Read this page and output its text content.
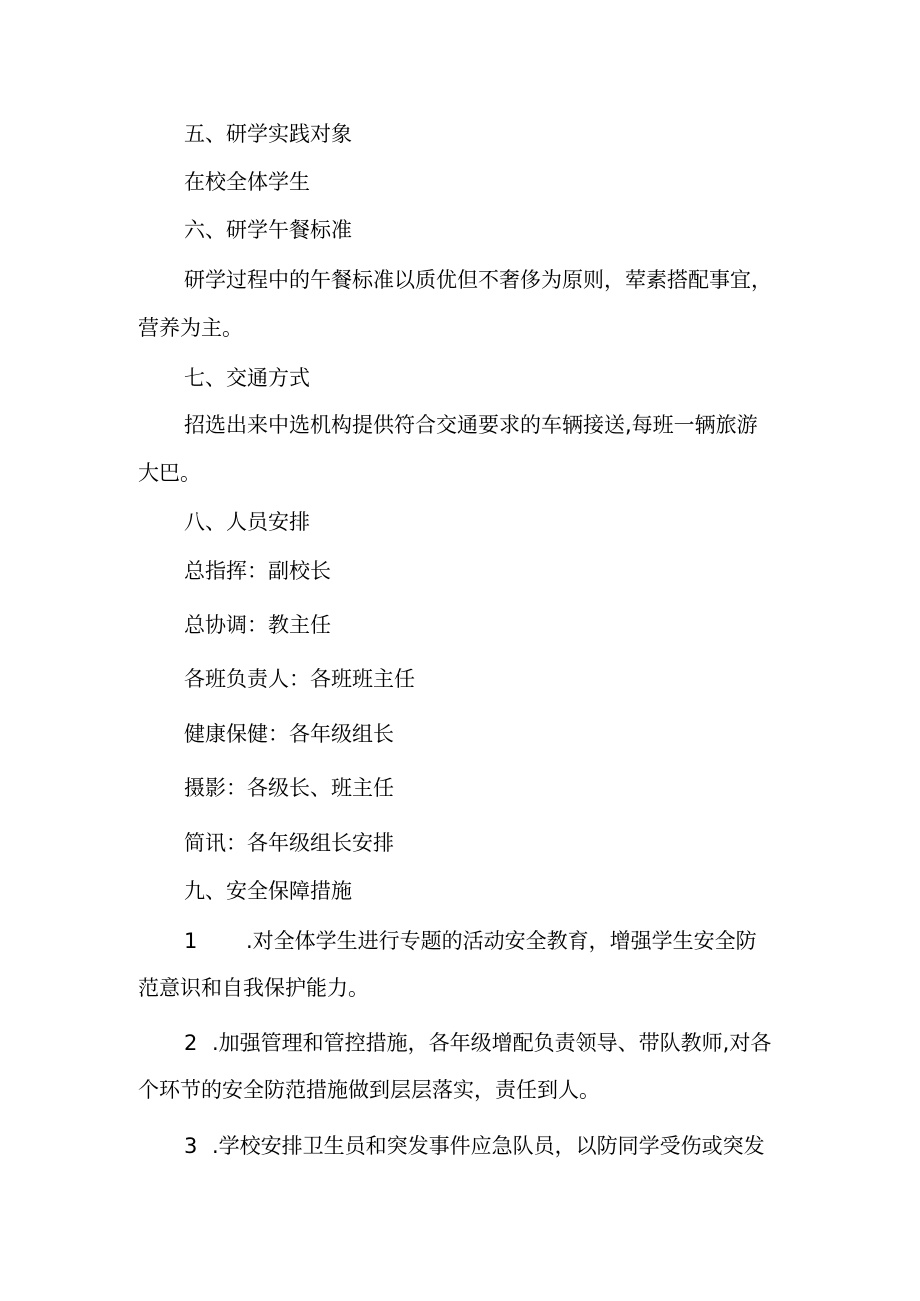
五、研学实践对象

在校全体学生

六、研学午餐标准

研学过程中的午餐标准以质优但不奢侈为原则，荤素搭配事宜，

营养为主。

七、交通方式

招选出来中选机构提供符合交通要求的车辆接送,每班一辆旅游

大巴。

八、人员安排

总指挥：副校长

总协调：教主任

各班负责人：各班班主任

健康保健：各年级组长

摄影：各级长、班主任

简讯：各年级组长安排

九、安全保障措施

1 .对全体学生进行专题的活动安全教育，增强学生安全防

范意识和自我保护能力。

2 .加强管理和管控措施，各年级增配负责领导、带队教师,对各

个环节的安全防范措施做到层层落实，责任到人。

3 .学校安排卫生员和突发事件应急队员，以防同学受伤或突发
